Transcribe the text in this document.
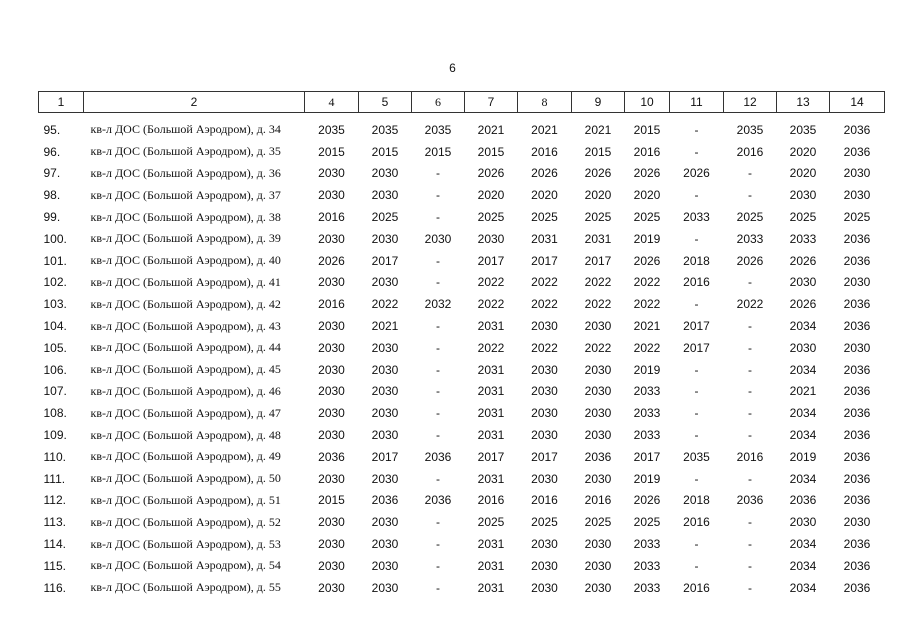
6
1	2	4	5	6	7	8	9	10	11	12	13	14
95.	кв-л ДОС (Большой Аэродром), д. 34	2035	2035	2035	2021	2021	2021	2015	-	2035	2035	2036
96.	кв-л ДОС (Большой Аэродром), д. 35	2015	2015	2015	2015	2016	2015	2016	-	2016	2020	2036
97.	кв-л ДОС (Большой Аэродром), д. 36	2030	2030	-	2026	2026	2026	2026	2026	-	2020	2030
98.	кв-л ДОС (Большой Аэродром), д. 37	2030	2030	-	2020	2020	2020	2020	-	-	2030	2030
99.	кв-л ДОС (Большой Аэродром), д. 38	2016	2025	-	2025	2025	2025	2025	2033	2025	2025	2025
100.	кв-л ДОС (Большой Аэродром), д. 39	2030	2030	2030	2030	2031	2031	2019	-	2033	2033	2036
101.	кв-л ДОС (Большой Аэродром), д. 40	2026	2017	-	2017	2017	2017	2026	2018	2026	2026	2036
102.	кв-л ДОС (Большой Аэродром), д. 41	2030	2030	-	2022	2022	2022	2022	2016	-	2030	2030
103.	кв-л ДОС (Большой Аэродром), д. 42	2016	2022	2032	2022	2022	2022	2022	-	2022	2026	2036
104.	кв-л ДОС (Большой Аэродром), д. 43	2030	2021	-	2031	2030	2030	2021	2017	-	2034	2036
105.	кв-л ДОС (Большой Аэродром), д. 44	2030	2030	-	2022	2022	2022	2022	2017	-	2030	2030
106.	кв-л ДОС (Большой Аэродром), д. 45	2030	2030	-	2031	2030	2030	2019	-	-	2034	2036
107.	кв-л ДОС (Большой Аэродром), д. 46	2030	2030	-	2031	2030	2030	2033	-	-	2021	2036
108.	кв-л ДОС (Большой Аэродром), д. 47	2030	2030	-	2031	2030	2030	2033	-	-	2034	2036
109.	кв-л ДОС (Большой Аэродром), д. 48	2030	2030	-	2031	2030	2030	2033	-	-	2034	2036
110.	кв-л ДОС (Большой Аэродром), д. 49	2036	2017	2036	2017	2017	2036	2017	2035	2016	2019	2036
111.	кв-л ДОС (Большой Аэродром), д. 50	2030	2030	-	2031	2030	2030	2019	-	-	2034	2036
112.	кв-л ДОС (Большой Аэродром), д. 51	2015	2036	2036	2016	2016	2016	2026	2018	2036	2036	2036
113.	кв-л ДОС (Большой Аэродром), д. 52	2030	2030	-	2025	2025	2025	2025	2016	-	2030	2030
114.	кв-л ДОС (Большой Аэродром), д. 53	2030	2030	-	2031	2030	2030	2033	-	-	2034	2036
115.	кв-л ДОС (Большой Аэродром), д. 54	2030	2030	-	2031	2030	2030	2033	-	-	2034	2036
116.	кв-л ДОС (Большой Аэродром), д. 55	2030	2030	-	2031	2030	2030	2033	2016	-	2034	2036
